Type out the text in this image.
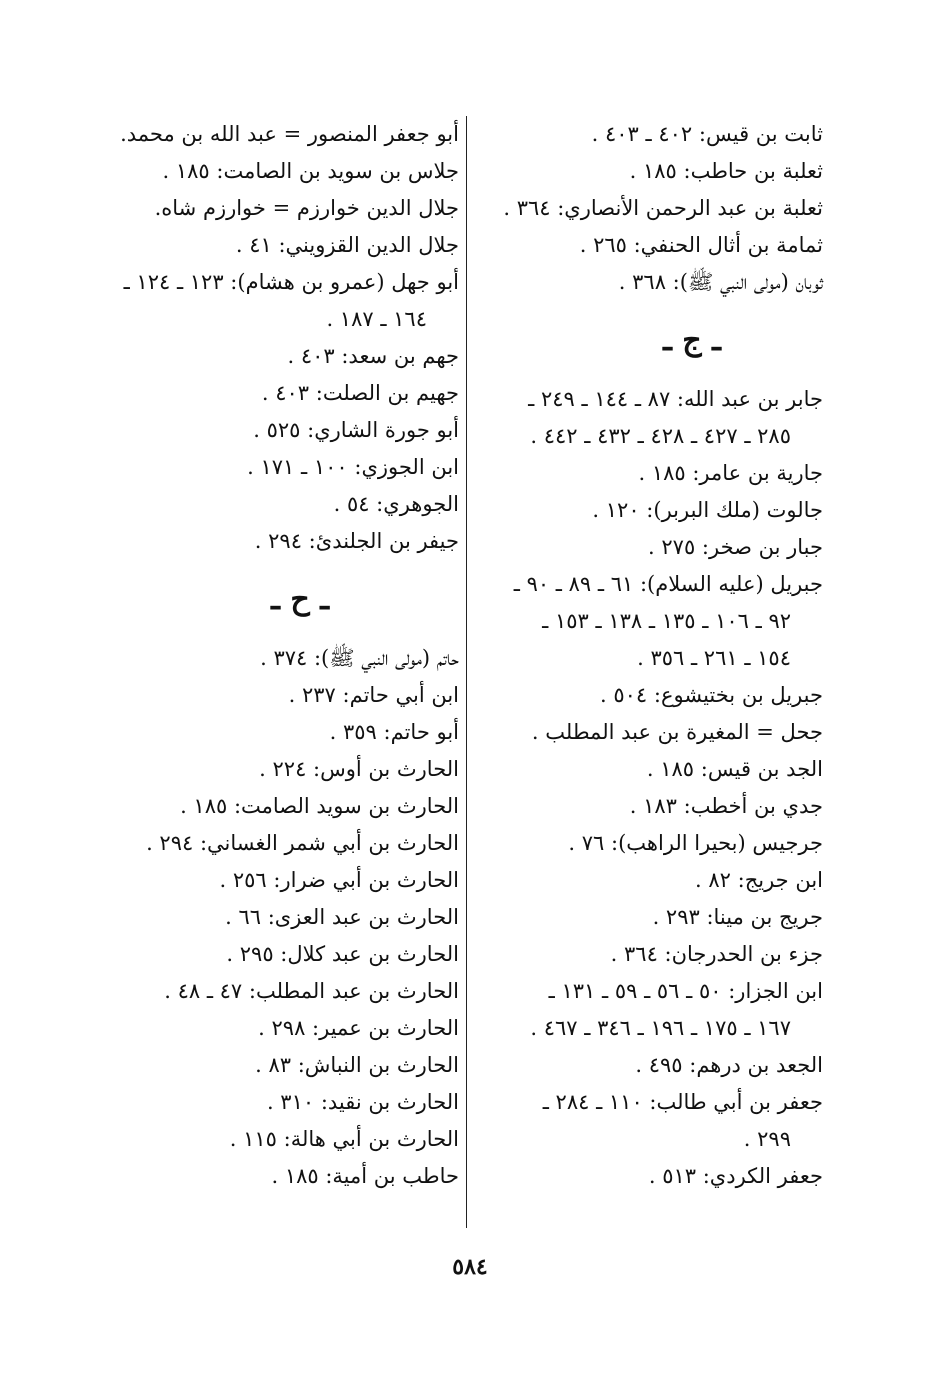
ثابت بن قيس: ٤٠٢ ـ ٤٠٣ .
ثعلبة بن حاطب: ١٨٥ .
ثعلبة بن عبد الرحمن الأنصاري: ٣٦٤ .
ثمامة بن أثال الحنفي: ٢٦٥ .
ثوبان (مولى النبي ﷺ): ٣٦٨ .
ـ ج ـ
جابر بن عبد الله: ٨٧ ـ ١٤٤ ـ ٢٤٩ ـ
٢٨٥ ـ ٤٢٧ ـ ٤٢٨ ـ ٤٣٢ ـ ٤٤٢ .
جارية بن عامر: ١٨٥ .
جالوت (ملك البربر): ١٢٠ .
جبار بن صخر: ٢٧٥ .
جبريل (عليه السلام): ٦١ ـ ٨٩ ـ ٩٠ ـ
٩٢ ـ ١٠٦ ـ ١٣٥ ـ ١٣٨ ـ ١٥٣ ـ
١٥٤ ـ ٢٦١ ـ ٣٥٦ .
جبريل بن بختيشوع: ٥٠٤ .
جحل = المغيرة بن عبد المطلب .
الجد بن قيس: ١٨٥ .
جدي بن أخطب: ١٨٣ .
جرجيس (بحيرا الراهب): ٧٦ .
ابن جريج: ٨٢ .
جريج بن مينا: ٢٩٣ .
جزء بن الحدرجان: ٣٦٤ .
ابن الجزار: ٥٠ ـ ٥٦ ـ ٥٩ ـ ١٣١ ـ
١٦٧ ـ ١٧٥ ـ ١٩٦ ـ ٣٤٦ ـ ٤٦٧ .
الجعد بن درهم: ٤٩٥ .
جعفر بن أبي طالب: ١١٠ ـ ٢٨٤ ـ
٢٩٩ .
جعفر الكردي: ٥١٣ .
أبو جعفر المنصور = عبد الله بن محمد.
جلاس بن سويد بن الصامت: ١٨٥ .
جلال الدين خوارزم = خوارزم شاه.
جلال الدين القزويني: ٤١ .
أبو جهل (عمرو بن هشام): ١٢٣ ـ ١٢٤ ـ
١٦٤ ـ ١٨٧ .
جهم بن سعد: ٤٠٣ .
جهيم بن الصلت: ٤٠٣ .
أبو جورة الشاري: ٥٢٥ .
ابن الجوزي: ١٠٠ ـ ١٧١ .
الجوهري: ٥٤ .
جيفر بن الجلندئ: ٢٩٤ .
ـ ح ـ
حاتم (مولى النبي ﷺ): ٣٧٤ .
ابن أبي حاتم: ٢٣٧ .
أبو حاتم: ٣٥٩ .
الحارث بن أوس: ٢٢٤ .
الحارث بن سويد الصامت: ١٨٥ .
الحارث بن أبي شمر الغساني: ٢٩٤ .
الحارث بن أبي ضرار: ٢٥٦ .
الحارث بن عبد العزى: ٦٦ .
الحارث بن عبد كلال: ٢٩٥ .
الحارث بن عبد المطلب: ٤٧ ـ ٤٨ .
الحارث بن عمير: ٢٩٨ .
الحارث بن النباش: ٨٣ .
الحارث بن نقيد: ٣١٠ .
الحارث بن أبي هالة: ١١٥ .
حاطب بن أمية: ١٨٥ .
٥٨٤
